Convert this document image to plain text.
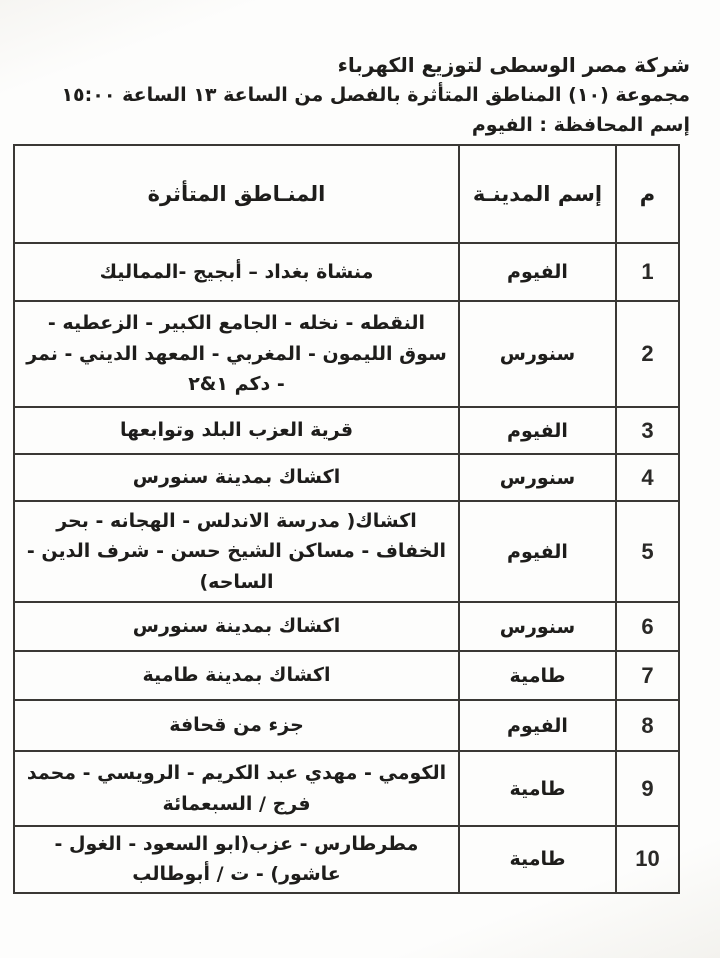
شركة مصر الوسطى لتوزيع الكهرباء
مجموعة (١٠) المناطق المتأثرة بالفصل من الساعة ١٣ الساعة ١٥:٠٠
إسم المحافظة : الفيوم
م	إسم المدينـة	المنـاطق المتأثرة
1	الفيوم	منشاة بغداد – أبجيج -المماليك
2	سنورس	النقطه - نخله - الجامع الكبير - الزعطيه - سوق الليمون - المغربي - المعهد الديني - نمر - دكم ١&٢
3	الفيوم	قرية العزب البلد وتوابعها
4	سنورس	اكشاك بمدينة سنورس
5	الفيوم	اكشاك( مدرسة الاندلس - الهجانه - بحر الخفاف - مساكن الشيخ حسن - شرف الدين - الساحه)
6	سنورس	اكشاك بمدينة سنورس
7	طامية	اكشاك بمدينة طامية
8	الفيوم	جزء من قحافة
9	طامية	الكومي - مهدي عبد الكريم - الرويسي - محمد فرج / السبعمائة
10	طامية	مطرطارس - عزب(ابو السعود - الغول - عاشور) - ت / أبوطالب
